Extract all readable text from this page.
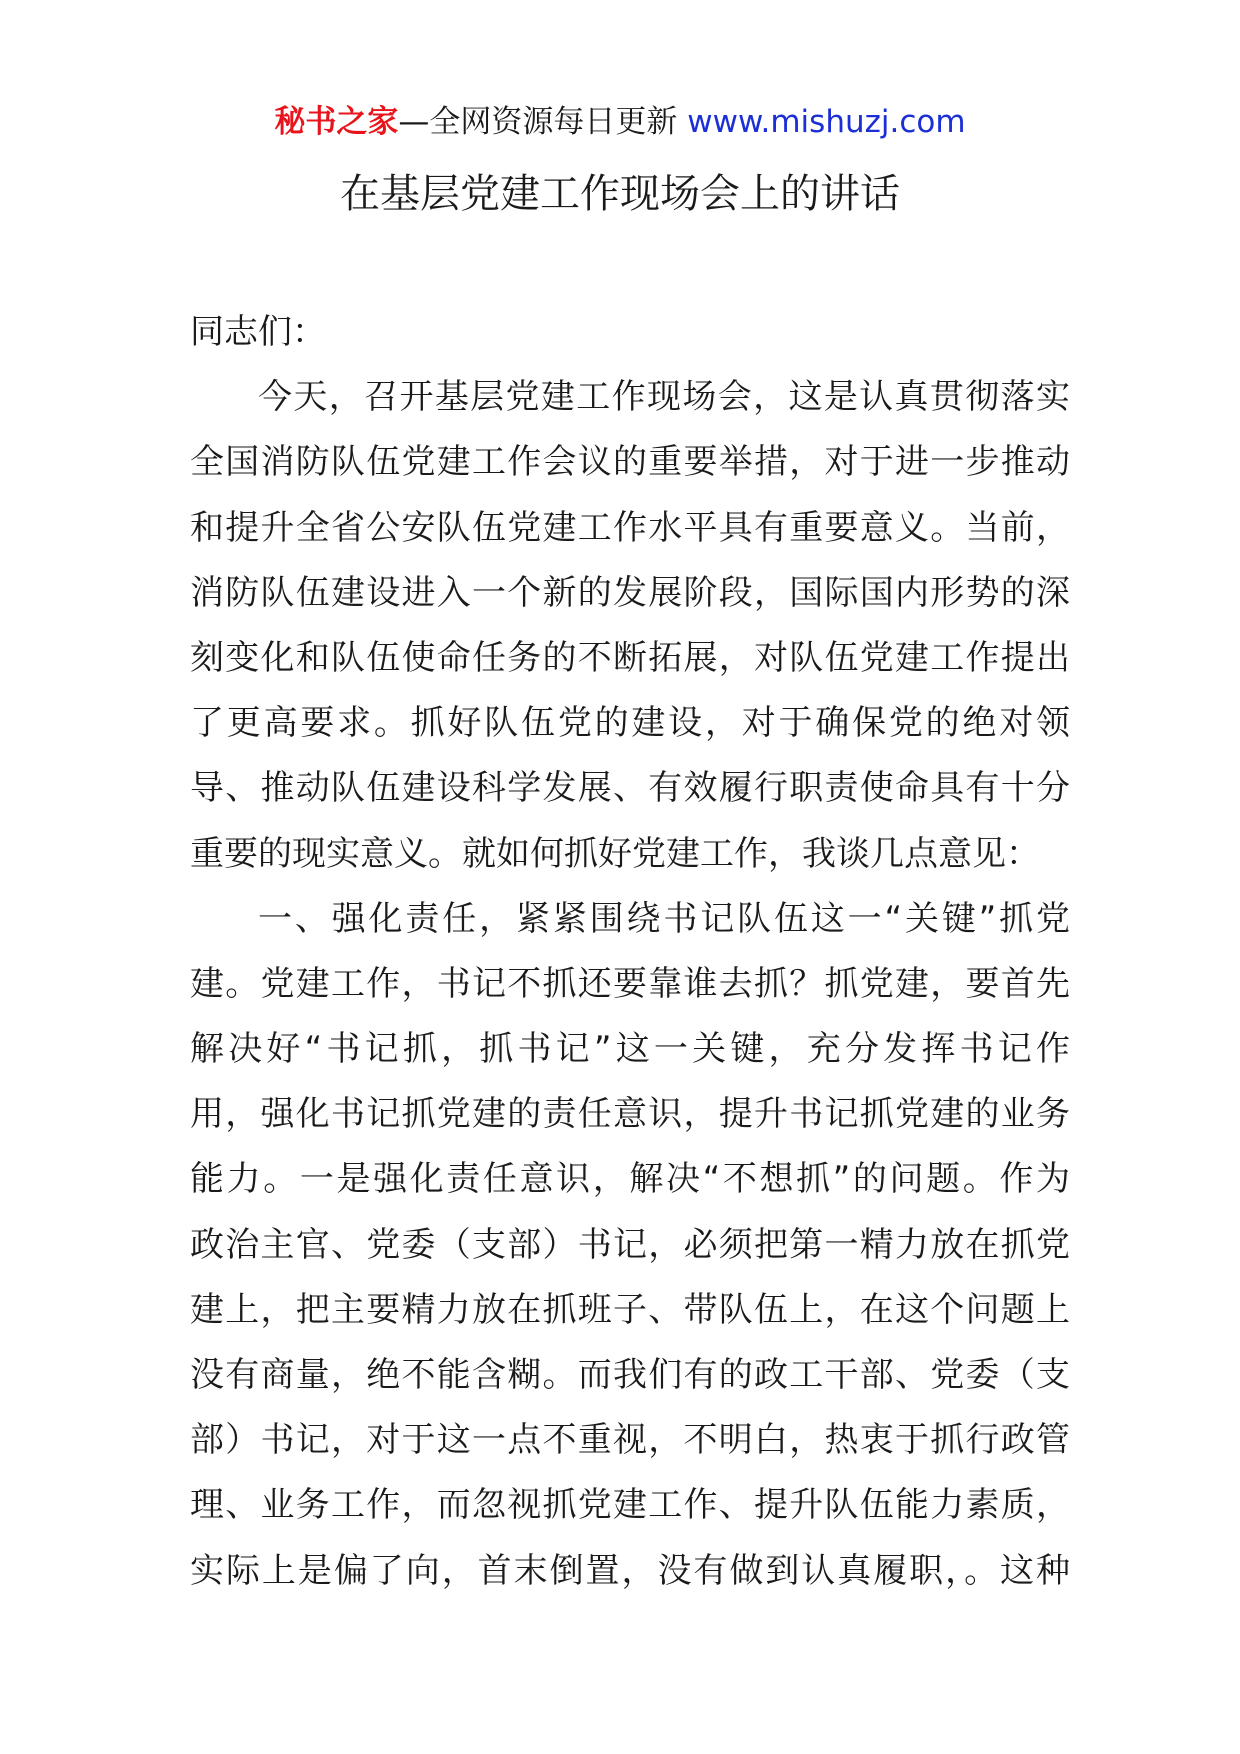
秘书之家—全网资源每日更新 www.mishuzj.com
在基层党建工作现场会上的讲话
同志们：
今天，召开基层党建工作现场会，这是认真贯彻落实
全国消防队伍党建工作会议的重要举措，对于进一步推动
和提升全省公安队伍党建工作水平具有重要意义。当前，
消防队伍建设进入一个新的发展阶段，国际国内形势的深
刻变化和队伍使命任务的不断拓展，对队伍党建工作提出
了更高要求。抓好队伍党的建设，对于确保党的绝对领
导、推动队伍建设科学发展、有效履行职责使命具有十分
重要的现实意义。就如何抓好党建工作，我谈几点意见：
一、强化责任，紧紧围绕书记队伍这一“关键”抓党
建。党建工作，书记不抓还要靠谁去抓？抓党建，要首先
解决好“书记抓，抓书记”这一关键，充分发挥书记作
用，强化书记抓党建的责任意识，提升书记抓党建的业务
能力。一是强化责任意识，解决“不想抓”的问题。作为
政治主官、党委（支部）书记，必须把第一精力放在抓党
建上，把主要精力放在抓班子、带队伍上，在这个问题上
没有商量，绝不能含糊。而我们有的政工干部、党委（支
部）书记，对于这一点不重视，不明白，热衷于抓行政管
理、业务工作，而忽视抓党建工作、提升队伍能力素质，
实际上是偏了向，首末倒置，没有做到认真履职，。这种
